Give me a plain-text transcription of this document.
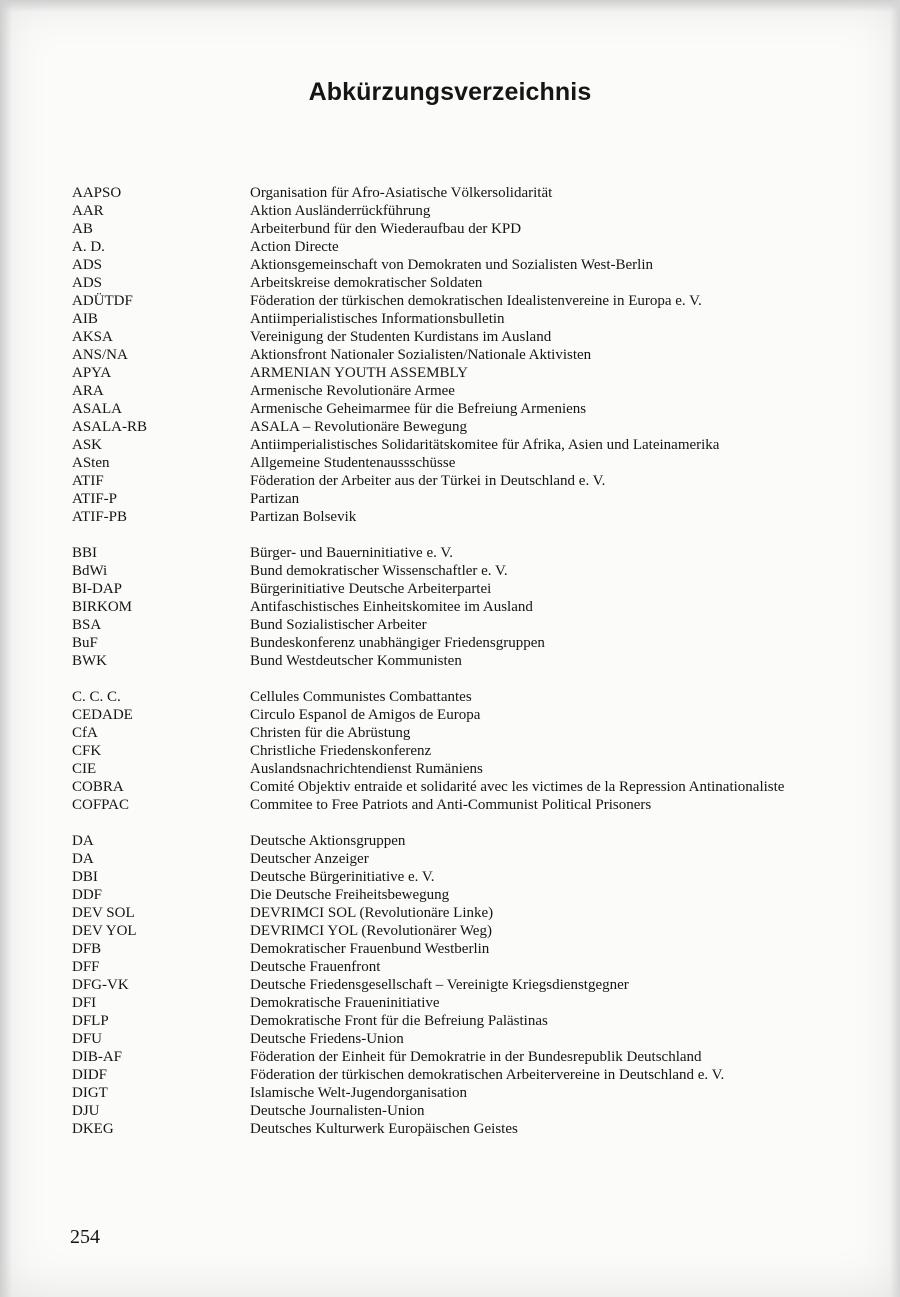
Abkürzungsverzeichnis
AAPSO	Organisation für Afro-Asiatische Völkersolidarität
AAR	Aktion Ausländerrückführung
AB	Arbeiterbund für den Wiederaufbau der KPD
A. D.	Action Directe
ADS	Aktionsgemeinschaft von Demokraten und Sozialisten West-Berlin
ADS	Arbeitskreise demokratischer Soldaten
ADÜTDF	Föderation der türkischen demokratischen Idealistenvereine in Europa e. V.
AIB	Antiimperialistisches Informationsbulletin
AKSA	Vereinigung der Studenten Kurdistans im Ausland
ANS/NA	Aktionsfront Nationaler Sozialisten/Nationale Aktivisten
APYA	ARMENIAN YOUTH ASSEMBLY
ARA	Armenische Revolutionäre Armee
ASALA	Armenische Geheimarmee für die Befreiung Armeniens
ASALA-RB	ASALA – Revolutionäre Bewegung
ASK	Antiimperialistisches Solidaritätskomitee für Afrika, Asien und Lateinamerika
ASten	Allgemeine Studentenaussschüsse
ATIF	Föderation der Arbeiter aus der Türkei in Deutschland e. V.
ATIF-P	Partizan
ATIF-PB	Partizan Bolsevik
BBI	Bürger- und Bauerninitiative e. V.
BdWi	Bund demokratischer Wissenschaftler e. V.
BI-DAP	Bürgerinitiative Deutsche Arbeiterpartei
BIRKOM	Antifaschistisches Einheitskomitee im Ausland
BSA	Bund Sozialistischer Arbeiter
BuF	Bundeskonferenz unabhängiger Friedensgruppen
BWK	Bund Westdeutscher Kommunisten
C. C. C.	Cellules Communistes Combattantes
CEDADE	Circulo Espanol de Amigos de Europa
CfA	Christen für die Abrüstung
CFK	Christliche Friedenskonferenz
CIE	Auslandsnachrichtendienst Rumäniens
COBRA	Comité Objektiv entraide et solidarité avec les victimes de la Repression Antinationaliste
COFPAC	Commitee to Free Patriots and Anti-Communist Political Prisoners
DA	Deutsche Aktionsgruppen
DA	Deutscher Anzeiger
DBI	Deutsche Bürgerinitiative e. V.
DDF	Die Deutsche Freiheitsbewegung
DEV SOL	DEVRIMCI SOL (Revolutionäre Linke)
DEV YOL	DEVRIMCI YOL (Revolutionärer Weg)
DFB	Demokratischer Frauenbund Westberlin
DFF	Deutsche Frauenfront
DFG-VK	Deutsche Friedensgesellschaft – Vereinigte Kriegsdienstgegner
DFI	Demokratische Fraueninitiative
DFLP	Demokratische Front für die Befreiung Palästinas
DFU	Deutsche Friedens-Union
DIB-AF	Föderation der Einheit für Demokratrie in der Bundesrepublik Deutschland
DIDF	Föderation der türkischen demokratischen Arbeitervereine in Deutschland e. V.
DIGT	Islamische Welt-Jugendorganisation
DJU	Deutsche Journalisten-Union
DKEG	Deutsches Kulturwerk Europäischen Geistes
254
